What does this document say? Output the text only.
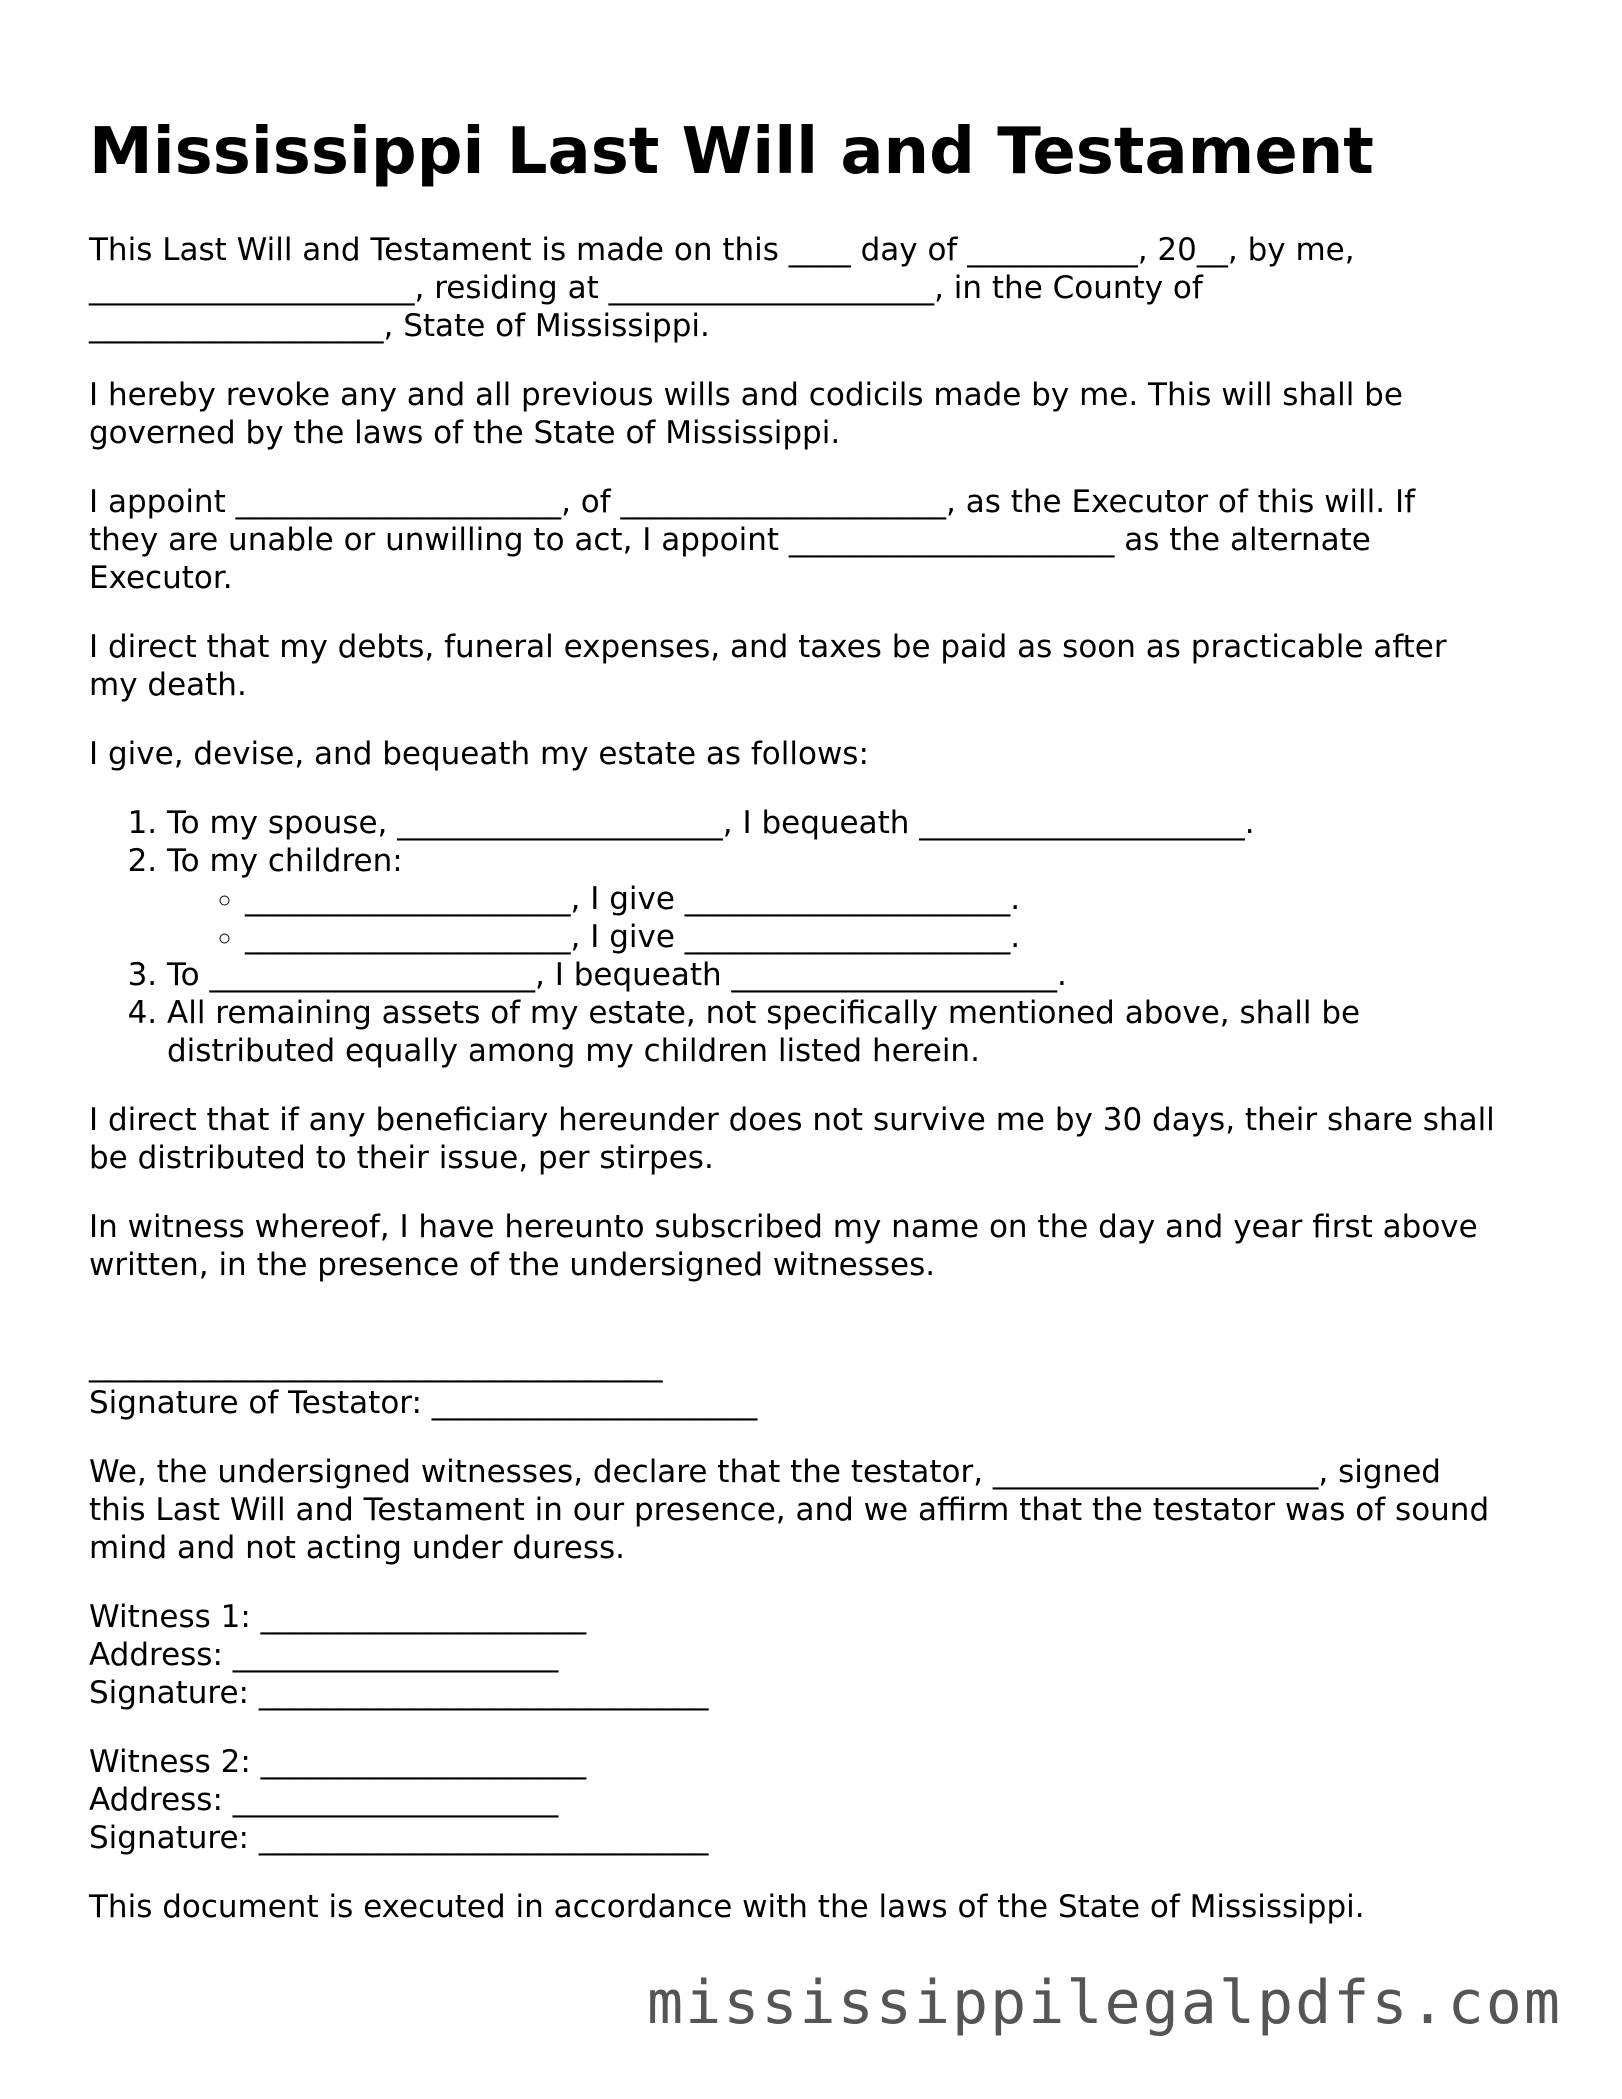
Mississippi Last Will and Testament

This Last Will and Testament is made on this ____ day of ___________, 20__, by me,
_____________________, residing at _____________________, in the County of
___________________, State of Mississippi.

I hereby revoke any and all previous wills and codicils made by me. This will shall be
governed by the laws of the State of Mississippi.

I appoint _____________________, of _____________________, as the Executor of this will. If
they are unable or unwilling to act, I appoint _____________________ as the alternate
Executor.

I direct that my debts, funeral expenses, and taxes be paid as soon as practicable after
my death.

I give, devise, and bequeath my estate as follows:

1. To my spouse, _____________________, I bequeath _____________________.
2. To my children:
◦ _____________________, I give _____________________.
◦ _____________________, I give _____________________.
3. To _____________________, I bequeath _____________________.
4. All remaining assets of my estate, not specifically mentioned above, shall be
distributed equally among my children listed herein.

I direct that if any beneficiary hereunder does not survive me by 30 days, their share shall
be distributed to their issue, per stirpes.

In witness whereof, I have hereunto subscribed my name on the day and year first above
written, in the presence of the undersigned witnesses.

_____________________________________
Signature of Testator: _____________________

We, the undersigned witnesses, declare that the testator, _____________________, signed
this Last Will and Testament in our presence, and we affirm that the testator was of sound
mind and not acting under duress.

Witness 1: _____________________
Address: _____________________
Signature: _____________________________

Witness 2: _____________________
Address: _____________________
Signature: _____________________________

This document is executed in accordance with the laws of the State of Mississippi.

mississippilegalpdfs.com
